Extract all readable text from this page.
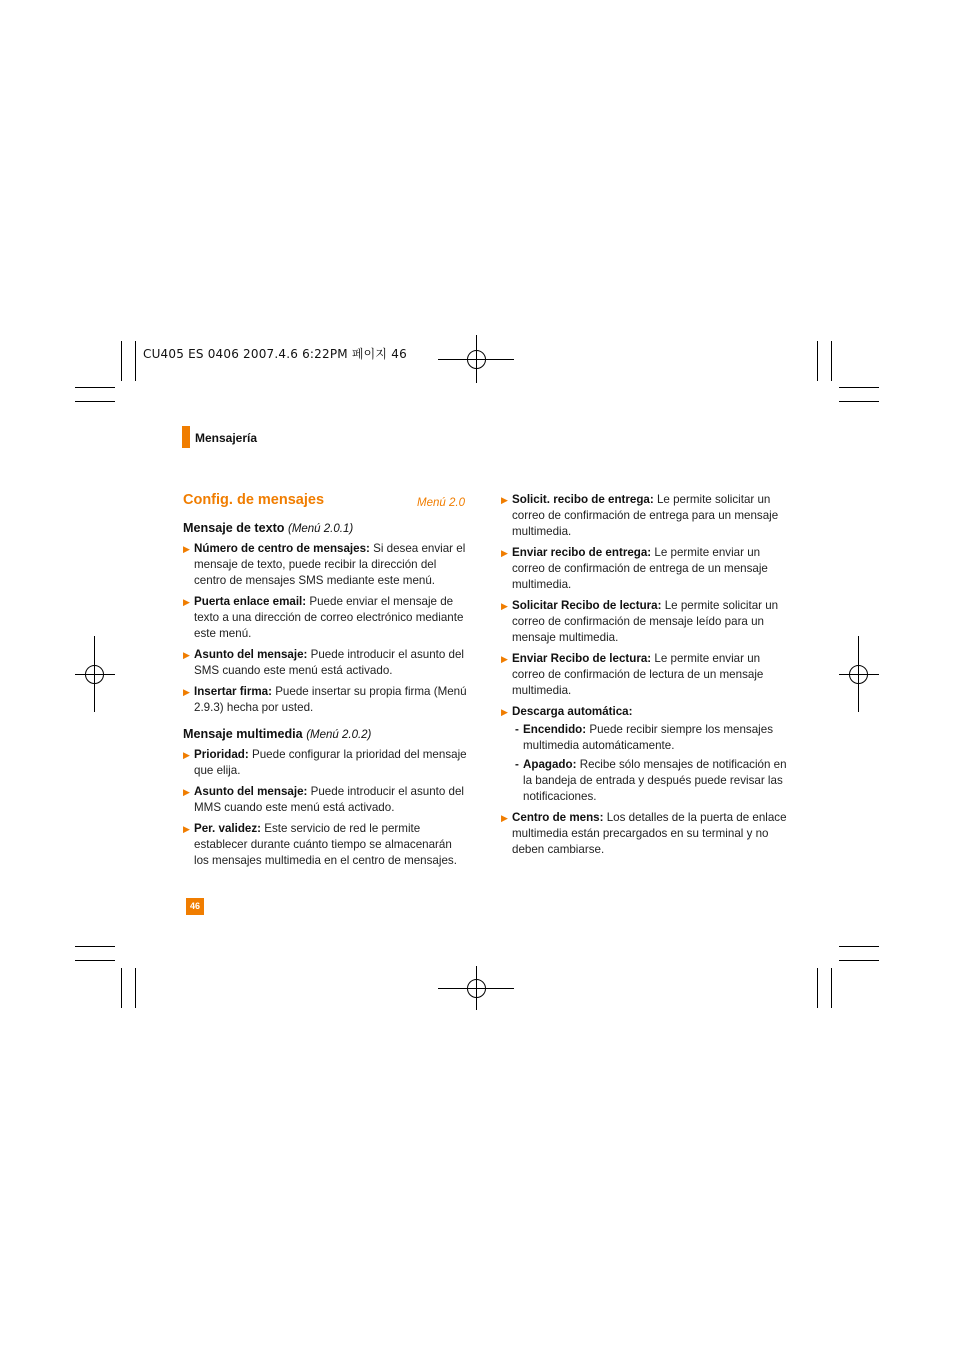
CU405 ES 0406 2007.4.6 6:22PM 페이지 46
Mensajería
Config. de mensajes	Menú 2.0
Mensaje de texto (Menú 2.0.1)
▶ Número de centro de mensajes: Si desea enviar el mensaje de texto, puede recibir la dirección del centro de mensajes SMS mediante este menú.
▶ Puerta enlace email: Puede enviar el mensaje de texto a una dirección de correo electrónico mediante este menú.
▶ Asunto del mensaje: Puede introducir el asunto del SMS cuando este menú está activado.
▶ Insertar firma: Puede insertar su propia firma (Menú 2.9.3) hecha por usted.
Mensaje multimedia (Menú 2.0.2)
▶ Prioridad: Puede configurar la prioridad del mensaje que elija.
▶ Asunto del mensaje: Puede introducir el asunto del MMS cuando este menú está activado.
▶ Per. validez: Este servicio de red le permite establecer durante cuánto tiempo se almacenarán los mensajes multimedia en el centro de mensajes.
▶ Solicit. recibo de entrega: Le permite solicitar un correo de confirmación de entrega para un mensaje multimedia.
▶ Enviar recibo de entrega: Le permite enviar un correo de confirmación de entrega de un mensaje multimedia.
▶ Solicitar Recibo de lectura: Le permite solicitar un correo de confirmación de mensaje leído para un mensaje multimedia.
▶ Enviar Recibo de lectura: Le permite enviar un correo de confirmación de lectura de un mensaje multimedia.
▶ Descarga automática:
- Encendido: Puede recibir siempre los mensajes multimedia automáticamente.
- Apagado: Recibe sólo mensajes de notificación en la bandeja de entrada y después puede revisar las notificaciones.
▶ Centro de mens: Los detalles de la puerta de enlace multimedia están precargados en su terminal y no deben cambiarse.
46
